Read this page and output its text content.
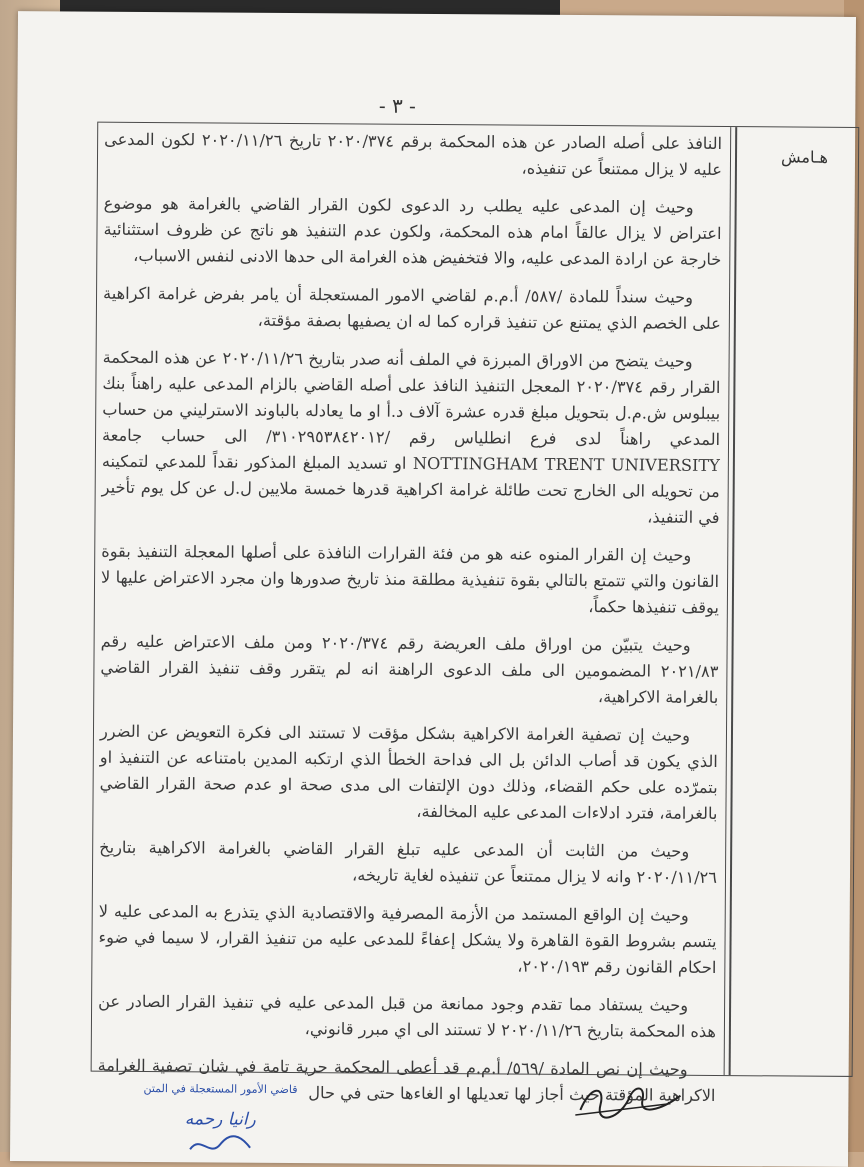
- ٣ -
هـامش

النافذ على أصله الصادر عن هذه المحكمة برقم ٢٠٢٠/٣٧٤ تاريخ ٢٠٢٠/١١/٢٦ لكون المدعى عليه لا يزال ممتنعاً عن تنفيذه،

وحيث إن المدعى عليه يطلب رد الدعوى لكون القرار القاضي بالغرامة هو موضوع اعتراض لا يزال عالقاً امام هذه المحكمة، ولكون عدم التنفيذ هو ناتج عن ظروف استثنائية خارجة عن ارادة المدعى عليه، والا فتخفيض هذه الغرامة الى حدها الادنى لنفس الاسباب،

وحيث سنداً للمادة /٥٨٧/ أ.م.م لقاضي الامور المستعجلة أن يامر بفرض غرامة اكراهية على الخصم الذي يمتنع عن تنفيذ قراره كما له ان يصفيها بصفة مؤقتة،

وحيث يتضح من الاوراق المبرزة في الملف أنه صدر بتاريخ ٢٠٢٠/١١/٢٦ عن هذه المحكمة القرار رقم ٢٠٢٠/٣٧٤ المعجل التنفيذ النافذ على أصله القاضي بالزام المدعى عليه راهناً بنك بيبلوس ش.م.ل بتحويل مبلغ قدره عشرة آلاف د.أ او ما يعادله بالباوند الاسترليني من حساب المدعي راهناً لدى فرع انطلياس رقم /٣١٠٢٩٥٣٨٤٢٠١٢/ الى حساب جامعة NOTTINGHAM TRENT UNIVERSITY او تسديد المبلغ المذكور نقداً للمدعي لتمكينه من تحويله الى الخارج تحت طائلة غرامة اكراهية قدرها خمسة ملايين ل.ل عن كل يوم تأخير في التنفيذ،

وحيث إن القرار المنوه عنه هو من فئة القرارات النافذة على أصلها المعجلة التنفيذ بقوة القانون والتي تتمتع بالتالي بقوة تنفيذية مطلقة منذ تاريخ صدورها وان مجرد الاعتراض عليها لا يوقف تنفيذها حكماً،

وحيث يتبيّن من اوراق ملف العريضة رقم ٢٠٢٠/٣٧٤ ومن ملف الاعتراض عليه رقم ٢٠٢١/٨٣ المضمومين الى ملف الدعوى الراهنة انه لم يتقرر وقف تنفيذ القرار القاضي بالغرامة الاكراهية،

وحيث إن تصفية الغرامة الاكراهية بشكل مؤقت لا تستند الى فكرة التعويض عن الضرر الذي يكون قد أصاب الدائن بل الى فداحة الخطأ الذي ارتكبه المدين بامتناعه عن التنفيذ او بتمرّده على حكم القضاء، وذلك دون الإلتفات الى مدى صحة او عدم صحة القرار القاضي بالغرامة، فترد ادلاءات المدعى عليه المخالفة،

وحيث من الثابت أن المدعى عليه تبلغ القرار القاضي بالغرامة الاكراهية بتاريخ ٢٠٢٠/١١/٢٦ وانه لا يزال ممتنعاً عن تنفيذه لغاية تاريخه،

وحيث إن الواقع المستمد من الأزمة المصرفية والاقتصادية الذي يتذرع به المدعى عليه لا يتسم بشروط القوة القاهرة ولا يشكل إعفاءً للمدعى عليه من تنفيذ القرار، لا سيما في ضوء احكام القانون رقم ٢٠٢٠/١٩٣،

وحيث يستفاد مما تقدم وجود ممانعة من قبل المدعى عليه في تنفيذ القرار الصادر عن هذه المحكمة بتاريخ ٢٠٢٠/١١/٢٦ لا تستند الى اي مبرر قانوني،

وحيث إن نص المادة /٥٦٩/ أ.م.م قد أعطى المحكمة حرية تامة في شان تصفية الغرامة الاكراهية المؤقتة حيث أجاز لها تعديلها او الغاءها حتى في حال

قاضي الأمور المستعجلة في المتن
رانيا رحمه
